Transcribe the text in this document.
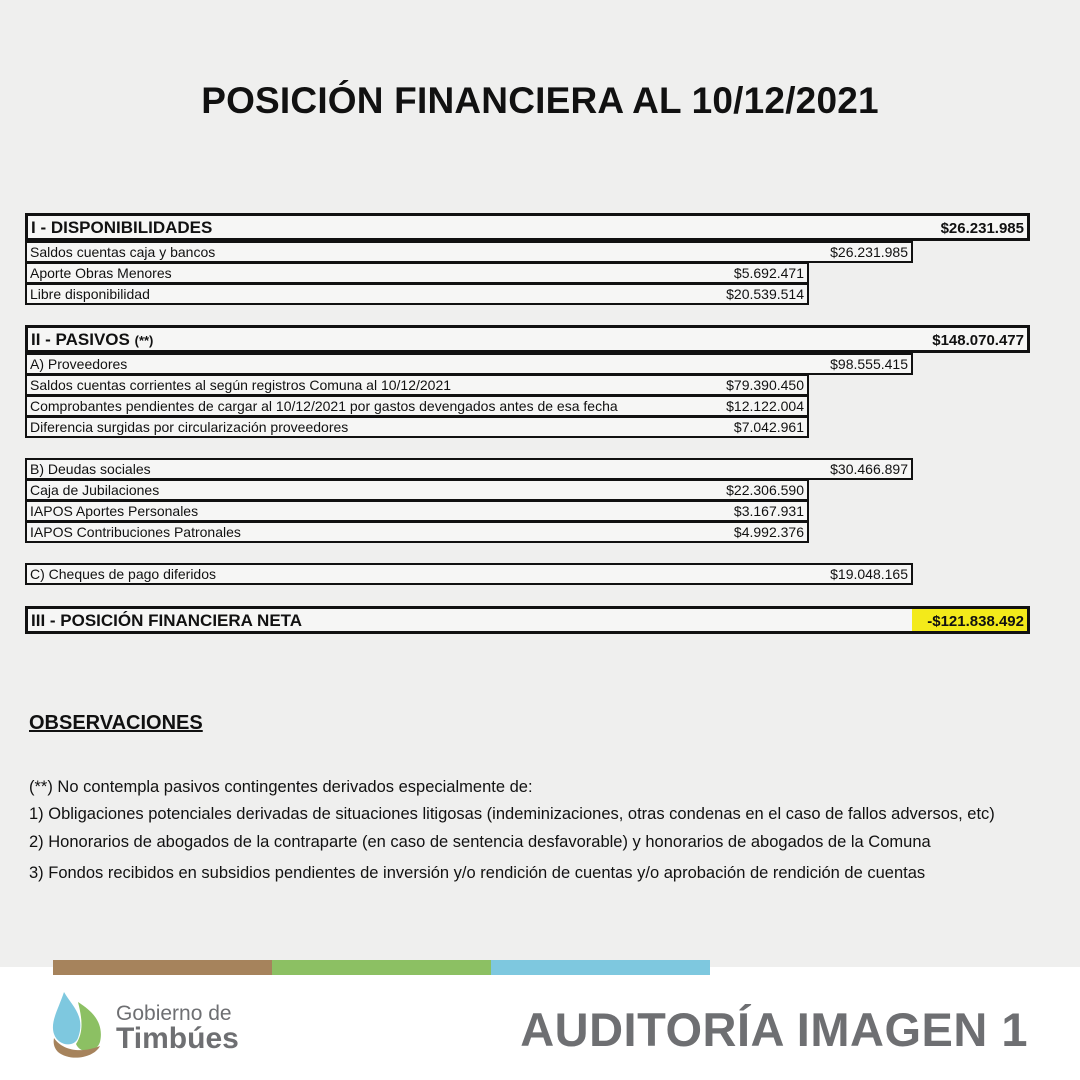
POSICIÓN FINANCIERA AL 10/12/2021
I - DISPONIBILIDADES	$26.231.985
Saldos cuentas caja y bancos	$26.231.985
Aporte Obras Menores	$5.692.471
Libre disponibilidad	$20.539.514
II - PASIVOS (**)	$148.070.477
A) Proveedores	$98.555.415
Saldos cuentas corrientes al según registros Comuna al 10/12/2021	$79.390.450
Comprobantes pendientes de cargar al 10/12/2021 por gastos devengados antes de esa fecha	$12.122.004
Diferencia surgidas por circularización proveedores	$7.042.961
B) Deudas sociales	$30.466.897
Caja de Jubilaciones	$22.306.590
IAPOS Aportes Personales	$3.167.931
IAPOS Contribuciones Patronales	$4.992.376
C) Cheques de pago diferidos	$19.048.165
III - POSICIÓN FINANCIERA NETA	-$121.838.492
OBSERVACIONES
(**) No contempla pasivos contingentes derivados especialmente de:
1) Obligaciones potenciales derivadas de situaciones litigosas (indeminizaciones, otras condenas en el caso de fallos adversos, etc)
2) Honorarios de abogados de la contraparte (en caso de sentencia desfavorable) y honorarios de abogados de la Comuna
3) Fondos recibidos en subsidios pendientes de inversión y/o rendición de cuentas y/o aprobación de rendición de cuentas
Gobierno de
Timbúes	AUDITORÍA IMAGEN 1
